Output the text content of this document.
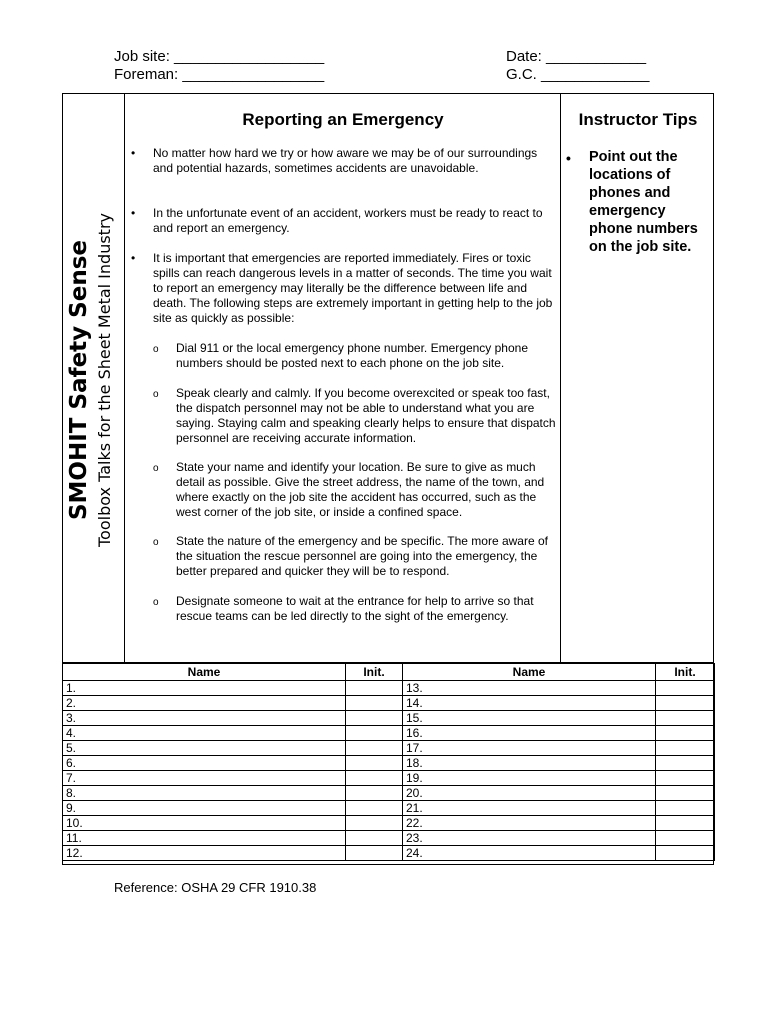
Job site: __________________
Foreman: _________________
Date: ____________
G.C. _____________
SMOHIT Safety Sense Toolbox Talks for the Sheet Metal Industry
Reporting an Emergency	Instructor Tips
• No matter how hard we try or how aware we may be of our surroundings and potential hazards, sometimes accidents are unavoidable.
• In the unfortunate event of an accident, workers must be ready to react to and report an emergency.
• It is important that emergencies are reported immediately. Fires or toxic spills can reach dangerous levels in a matter of seconds. The time you wait to report an emergency may literally be the difference between life and death. The following steps are extremely important in getting help to the job site as quickly as possible:
o Dial 911 or the local emergency phone number. Emergency phone numbers should be posted next to each phone on the job site.
o Speak clearly and calmly. If you become overexcited or speak too fast, the dispatch personnel may not be able to understand what you are saying. Staying calm and speaking clearly helps to ensure that dispatch personnel are receiving accurate information.
o State your name and identify your location. Be sure to give as much detail as possible. Give the street address, the name of the town, and where exactly on the job site the accident has occurred, such as the west corner of the job site, or inside a confined space.
o State the nature of the emergency and be specific. The more aware of the situation the rescue personnel are going into the emergency, the better prepared and quicker they will be to respond.
o Designate someone to wait at the entrance for help to arrive so that rescue teams can be led directly to the sight of the emergency.
• Point out the locations of phones and emergency phone numbers on the job site.
Name	Init.	Name	Init.
1.		13.	
2.		14.	
3.		15.	
4.		16.	
5.		17.	
6.		18.	
7.		19.	
8.		20.	
9.		21.	
10.		22.	
11.		23.	
12.		24.	
Reference: OSHA 29 CFR 1910.38
